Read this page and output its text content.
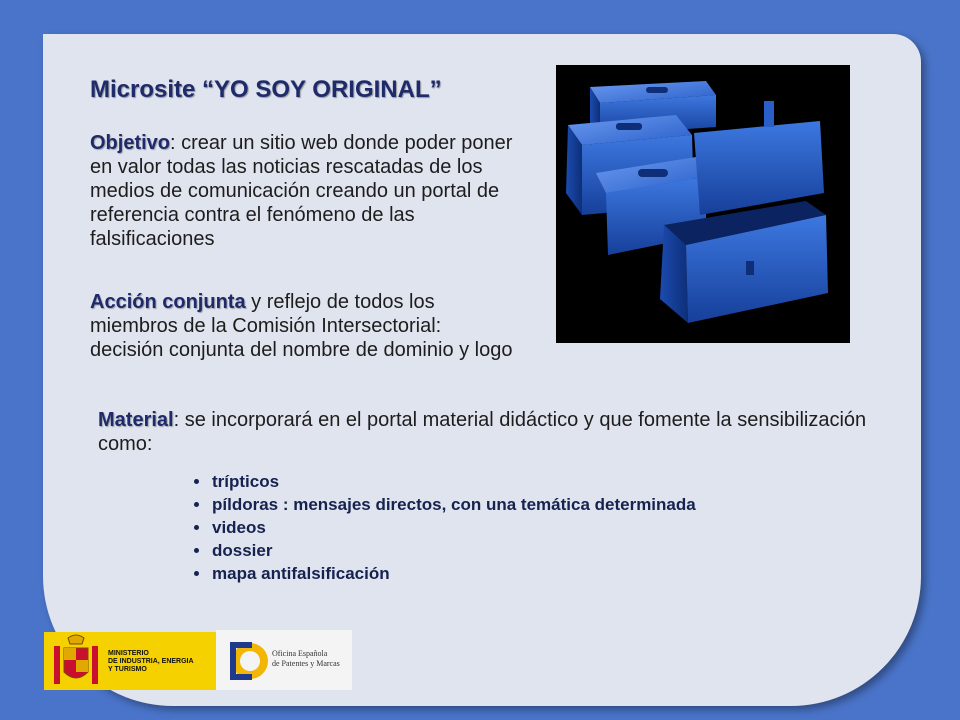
Microsite “YO SOY ORIGINAL”
Objetivo: crear un sitio web donde poder poner en valor todas las noticias rescatadas de los medios de comunicación creando un portal de referencia contra el fenómeno de las falsificaciones
Acción conjunta y reflejo de todos los miembros de la Comisión Intersectorial: decisión conjunta del nombre de dominio y logo
Material: se incorporará en el portal material didáctico y que fomente la sensibilización como:
trípticos
píldoras : mensajes directos, con una temática determinada
videos
dossier
mapa antifalsificación
MINISTERIO
DE INDUSTRIA, ENERGIA
Y TURISMO
Oficina Española
de Patentes y Marcas
